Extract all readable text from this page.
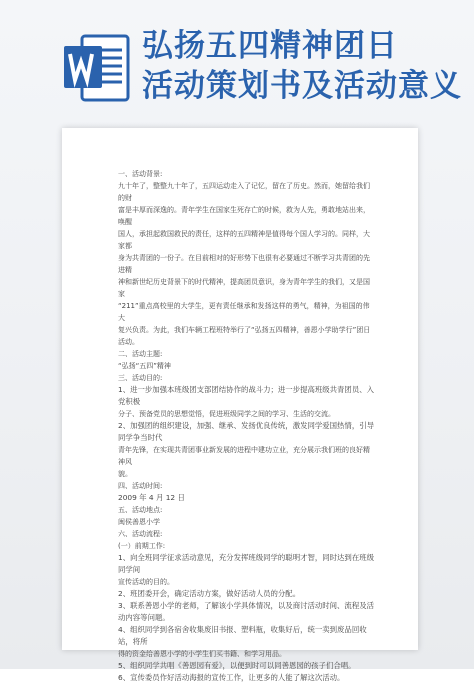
弘扬五四精神团日
活动策划书及活动意义

一、活动背景:

九十年了，整整九十年了，五四运动走入了记忆，留在了历史。然而，她留给我们的财

富是丰厚而深逸的。青年学生在国家生死存亡的时候，救为人先，勇敢地站出来，唤醒

国人，承担起救国救民的责任，这样的五四精神是值得每个国人学习的。同样，大家都

身为共青团的一份子。在目前相对的好形势下也很有必要通过不断学习共青团的先进精

神和新世纪历史背景下的时代精神，提高团员意识，身为青年学生的我们，又是国家

“211”重点高校里的大学生，更有责任继承和发扬这样的勇气，精神，为祖国的伟大

复兴负责。为此，我们车辆工程班特举行了“弘扬五四精神，善恩小学助学行”团日活动。

二、活动主题:

“弘扬“五四”精神

三、活动目的:

1、进一步加强本班级团支部团结协作的战斗力；进一步提高班级共青团员、入党积极

分子、预备党员的思想觉悟，促进班级同学之间的学习、生活的交流。

2、加强团的组织建设，加强、继承、发扬优良传统，激发同学爱国热情，引导同学争当时代

青年先锋，在实现共青团事业新发展的进程中建功立业，充分展示我们班的良好精神风

貌。

四、活动时间:

2009 年 4 月 12 日

五、活动地点:

闽侯善恩小学

六、活动流程:

(一）前期工作:

1、向全班同学征求活动意见，充分发挥班级同学的聪明才智，同时达到在班级同学间

宣传活动的目的。

2、班团委开会，确定活动方案，做好活动人员的分配。

3、联系善恩小学的老师，了解该小学具体情况，以及商讨活动时间、流程及活动内容等问题。

4、组织同学到各宿舍收集废旧书报、塑料瓶，收集好后，统一卖到废品回收站，将所

得的资金给善恩小学的小学生们买书籍、和学习用品。

5、组织同学共唱《善恩园有爱》，以便到时可以同善恩园的孩子们合唱。

6、宣传委员作好活动海报的宣传工作，让更多的人能了解这次活动。
